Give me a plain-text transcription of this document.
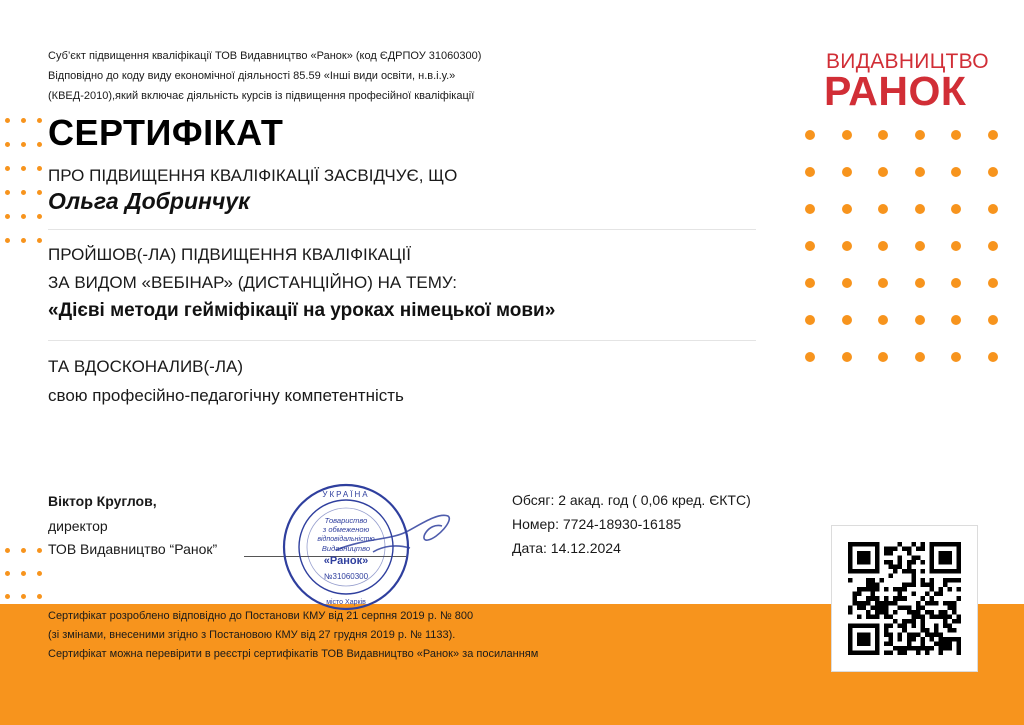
Суб’єкт підвищення кваліфікації ТОВ Видавництво «Ранок» (код ЄДРПОУ 31060300)
Відповідно до коду виду економічної діяльності 85.59 «Інші види освіти, н.в.і.у.»
(КВЕД-2010),який включає діяльність курсів із підвищення професійної кваліфікації
ВИДАВНИЦТВО
РАНОК
СЕРТИФІКАТ
ПРО ПІДВИЩЕННЯ КВАЛІФІКАЦІЇ ЗАСВІДЧУЄ, ЩО
Ольга Добринчук
ПРОЙШОВ(-ЛА) ПІДВИЩЕННЯ КВАЛІФІКАЦІЇ
ЗА ВИДОМ «ВЕБІНАР» (ДИСТАНЦІЙНО) НА ТЕМУ:
«Дієві методи гейміфікації на уроках німецької мови»
ТА ВДОСКОНАЛИВ(-ЛА)
свою професійно-педагогічну компетентність
Сертифікат розроблено відповідно до Постанови КМУ від 21 серпня 2019 р. № 800
(зі змінами, внесеними згідно з Постановою КМУ від 27 грудня 2019 р. № 1133).
Сертифікат можна перевірити в реєстрі сертифікатів ТОВ Видавництво «Ранок» за посиланням
Віктор Круглов,
директор
ТОВ Видавництво “Ранок”
УКРАЇНА
Товариство
з обмеженою
відповідальністю
Видавництво
«Ранок»
№31060300
місто Харків
Обсяг: 2 акад. год ( 0,06 кред. ЄКТС)
Номер: 7724-18930-16185
Дата: 14.12.2024
